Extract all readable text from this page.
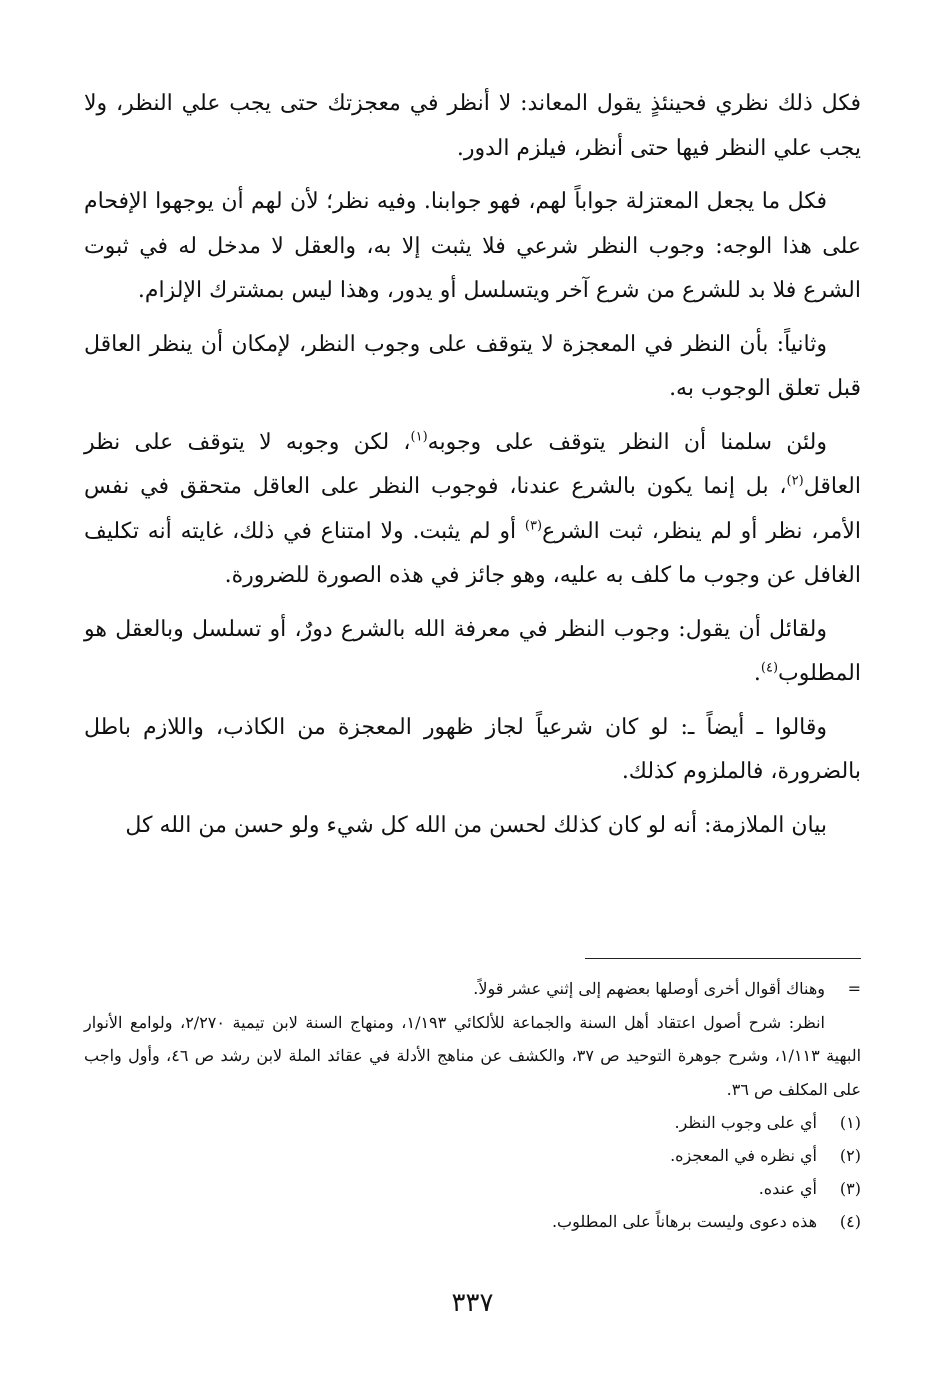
فكل ذلك نظري فحينئذٍ يقول المعاند: لا أنظر في معجزتك حتى يجب علي النظر، ولا يجب علي النظر فيها حتى أنظر، فيلزم الدور.

فكل ما يجعل المعتزلة جواباً لهم، فهو جوابنا. وفيه نظر؛ لأن لهم أن يوجهوا الإفحام على هذا الوجه: وجوب النظر شرعي فلا يثبت إلا به، والعقل لا مدخل له في ثبوت الشرع فلا بد للشرع من شرع آخر ويتسلسل أو يدور، وهذا ليس بمشترك الإلزام.

وثانياً: بأن النظر في المعجزة لا يتوقف على وجوب النظر، لإمكان أن ينظر العاقل قبل تعلق الوجوب به.

ولئن سلمنا أن النظر يتوقف على وجوبه$^{(١)}$، لكن وجوبه لا يتوقف على نظر العاقل$^{(٢)}$، بل إنما يكون بالشرع عندنا، فوجوب النظر على العاقل متحقق في نفس الأمر، نظر أو لم ينظر، ثبت الشرع$^{(٣)}$ أو لم يثبت. ولا امتناع في ذلك، غايته أنه تكليف الغافل عن وجوب ما كلف به عليه، وهو جائز في هذه الصورة للضرورة.

ولقائل أن يقول: وجوب النظر في معرفة الله بالشرع دورٌ، أو تسلسل وبالعقل هو المطلوب$^{(٤)}$.

وقالوا ـ أيضاً ـ: لو كان شرعياً لجاز ظهور المعجزة من الكاذب، واللازم باطل بالضرورة، فالملزوم كذلك.

بيان الملازمة: أنه لو كان كذلك لحسن من الله كل شيء ولو حسن من الله كل

=وهناك أقوال أخرى أوصلها بعضهم إلى إثني عشر قولاً.

انظر: شرح أصول اعتقاد أهل السنة والجماعة للألكائي ١/١٩٣، ومنهاج السنة لابن تيمية ٢/٢٧٠، ولوامع الأنوار البهية ١/١١٣، وشرح جوهرة التوحيد ص ٣٧، والكشف عن مناهج الأدلة في عقائد الملة لابن رشد ص ٤٦، وأول واجب على المكلف ص ٣٦.

(١)أي على وجوب النظر.

(٢)أي نظره في المعجزه.

(٣)أي عنده.

(٤)هذه دعوى وليست برهاناً على المطلوب.

٣٣٧
